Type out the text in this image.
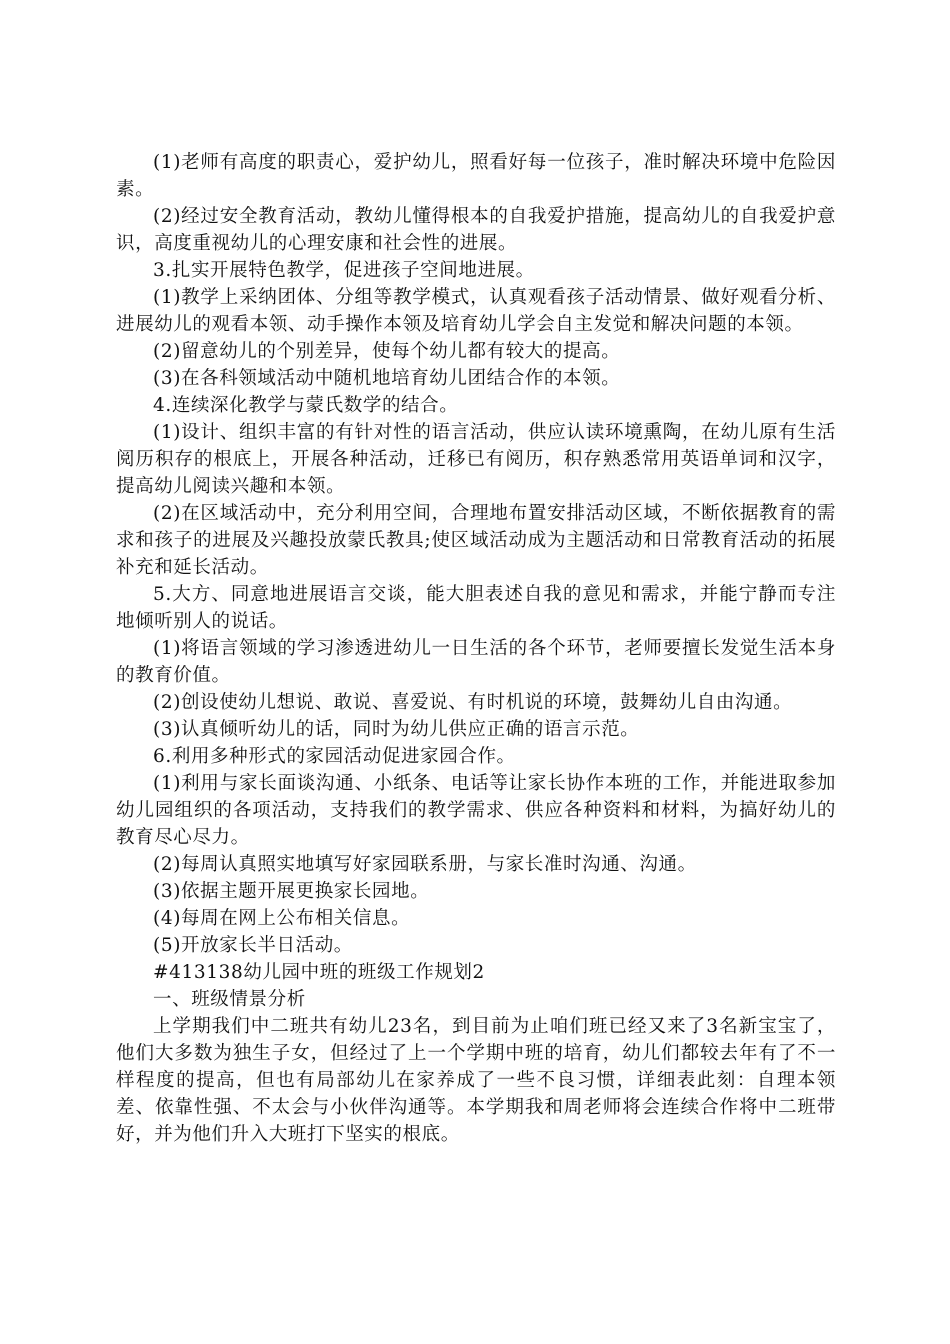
(1)老师有高度的职责心，爱护幼儿，照看好每一位孩子，准时解决环境中危险因素。

(2)经过安全教育活动，教幼儿懂得根本的自我爱护措施，提高幼儿的自我爱护意识，高度重视幼儿的心理安康和社会性的进展。

3.扎实开展特色教学，促进孩子空间地进展。

(1)教学上采纳团体、分组等教学模式，认真观看孩子活动情景、做好观看分析、进展幼儿的观看本领、动手操作本领及培育幼儿学会自主发觉和解决问题的本领。

(2)留意幼儿的个别差异，使每个幼儿都有较大的提高。

(3)在各科领域活动中随机地培育幼儿团结合作的本领。

4.连续深化教学与蒙氏数学的结合。

(1)设计、组织丰富的有针对性的语言活动，供应认读环境熏陶，在幼儿原有生活阅历积存的根底上，开展各种活动，迁移已有阅历，积存熟悉常用英语单词和汉字，提高幼儿阅读兴趣和本领。

(2)在区域活动中，充分利用空间，合理地布置安排活动区域，不断依据教育的需求和孩子的进展及兴趣投放蒙氏教具;使区域活动成为主题活动和日常教育活动的拓展补充和延长活动。

5.大方、同意地进展语言交谈，能大胆表述自我的意见和需求，并能宁静而专注地倾听别人的说话。

(1)将语言领域的学习渗透进幼儿一日生活的各个环节，老师要擅长发觉生活本身的教育价值。

(2)创设使幼儿想说、敢说、喜爱说、有时机说的环境，鼓舞幼儿自由沟通。

(3)认真倾听幼儿的话，同时为幼儿供应正确的语言示范。

6.利用多种形式的家园活动促进家园合作。

(1)利用与家长面谈沟通、小纸条、电话等让家长协作本班的工作，并能进取参加幼儿园组织的各项活动，支持我们的教学需求、供应各种资料和材料，为搞好幼儿的教育尽心尽力。

(2)每周认真照实地填写好家园联系册，与家长准时沟通、沟通。

(3)依据主题开展更换家长园地。

(4)每周在网上公布相关信息。

(5)开放家长半日活动。

#413138幼儿园中班的班级工作规划2

一、班级情景分析

上学期我们中二班共有幼儿23名，到目前为止咱们班已经又来了3名新宝宝了，他们大多数为独生子女，但经过了上一个学期中班的培育，幼儿们都较去年有了不一样程度的提高，但也有局部幼儿在家养成了一些不良习惯，详细表此刻：自理本领差、依靠性强、不太会与小伙伴沟通等。本学期我和周老师将会连续合作将中二班带好，并为他们升入大班打下坚实的根底。
